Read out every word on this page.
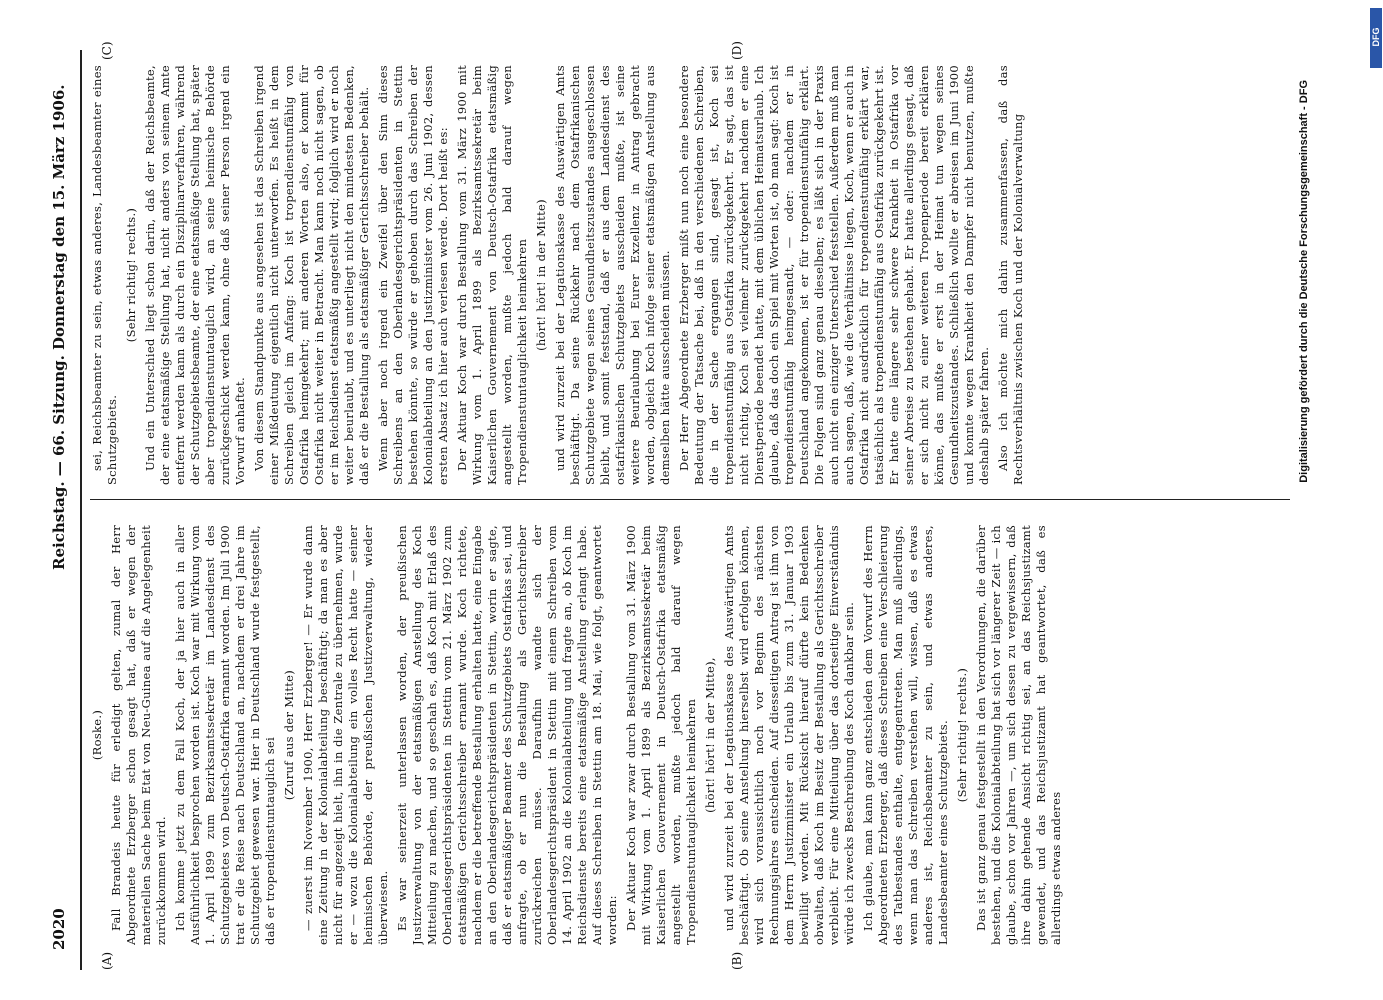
2020
Reichstag. — 66. Sitzung. Donnerstag den 15. März 1906.
(A)	(B)
(C)	(D)

(Roske.) Fall Brandeis heute für erledigt gelten, zumal der Herr Abgeordnete Erzberger schon gesagt hat, daß er wegen der materiellen Sache beim Etat von Neu-Guinea auf die Angelegenheit zurückkommen wird. Ich komme jetzt zu dem Fall Koch, der ja hier auch in aller Ausführlichkeit besprochen worden ist. Koch war mit Wirkung vom 1. April 1899 zum Bezirksamtssekretär im Landesdienst des Schutzgebietes von Deutsch-Ostafrika ernannt worden. Im Juli 1900 trat er die Reise nach Deutschland an, nachdem er drei Jahre im Schutzgebiet gewesen war. Hier in Deutschland wurde festgestellt, daß er tropendienstuntauglich sei

(Zuruf aus der Mitte) — zuerst im November 1900, Herr Erzberger! — Er wurde dann eine Zeitung in der Kolonialabteilung beschäftigt; da man es aber nicht für angezeigt hielt, ihn in die Zentrale zu übernehmen, wurde er — wozu die Kolonialabteilung ein volles Recht hatte — seiner heimischen Behörde, der preußischen Justizverwaltung, wieder überwiesen. Es war seinerzeit unterlassen worden, der preußischen Justizverwaltung von der etatsmäßigen Anstellung des Koch Mitteilung zu machen, und so geschah es, daß Koch mit Erlaß des Oberlandesgerichtspräsidenten in Stettin vom 21. März 1902 zum etatsmäßigen Gerichtsschreiber ernannt wurde. Koch richtete, nachdem er die betreffende Bestallung erhalten hatte, eine Eingabe an den Oberlandesgerichtspräsidenten in Stettin, worin er sagte, daß er etatsmäßiger Beamter des Schutzgebiets Ostafrikas sei, und anfragte, ob er nun die Bestallung als Gerichtsschreiber zurückreichen müsse. Daraufhin wandte sich der Oberlandesgerichtspräsident in Stettin mit einem Schreiben vom 14. April 1902 an die Kolonialabteilung und fragte an, ob Koch im Reichsdienste bereits eine etatsmäßige Anstellung erlangt habe. Auf dieses Schreiben in Stettin am 18. Mai, wie folgt, geantwortet worden: Der Aktuar Koch war zwar durch Bestallung vom 31. März 1900 mit Wirkung vom 1. April 1899 als Bezirksamtssekretär beim Kaiserlichen Gouvernement in Deutsch-Ostafrika etatsmäßig angestellt worden, mußte jedoch bald darauf wegen Tropendienstuntauglichkeit heimkehren (hört! hört! in der Mitte), und wird zurzeit bei der Legationskasse des Auswärtigen Amts beschäftigt. Ob seine Anstellung hierselbst wird erfolgen können, wird sich voraussichtlich noch vor Beginn des nächsten Rechnungsjahres entscheiden. Auf diesseitigen Antrag ist ihm von dem Herrn Justizminister ein Urlaub bis zum 31. Januar 1903 bewilligt worden. Mit Rücksicht hierauf dürfte kein Bedenken obwalten, daß Koch im Besitz der Bestallung als Gerichtsschreiber verbleibt. Für eine Mitteilung über das dortseitige Einverständnis würde ich zwecks Beschreibung des Koch dankbar sein. Ich glaube, man kann ganz entschieden dem Vorwurf des Herrn Abgeordneten Erzberger, daß dieses Schreiben eine Verschleierung des Tatbestandes enthalte, entgegentreten. Man muß allerdings, wenn man das Schreiben verstehen will, wissen, daß es etwas anderes ist, Reichsbeamter zu sein, und etwas anderes, Landesbeamter eines Schutzgebiets. (Sehr richtig! rechts.) Das ist ganz genau festgestellt in den Verordnungen, die darüber bestehen, und die Kolonialabteilung hat sich vor längerer Zeit — ich glaube, schon vor Jahren —, um sich dessen zu vergewissern, daß ihre dahin gehende Ansicht richtig sei, an das Reichsjustizamt gewendet, und das Reichsjustizamt hat geantwortet, daß es allerdings etwas anderes

sei, Reichsbeamter zu sein, etwas anderes, Landesbeamter eines Schutzgebiets.

(Sehr richtig! rechts.) Und ein Unterschied liegt schon darin, daß der Reichsbeamte, der eine etatsmäßige Stellung hat, nicht anders von seinem Amte entfernt werden kann als durch ein Disziplinarverfahren, während der Schutzgebietsbeamte, der eine etatsmäßige Stellung hat, später aber tropendienstuntauglich wird, an seine heimische Behörde zurückgeschickt werden kann, ohne daß seiner Person irgend ein Vorwurf anhaftet. Von diesem Standpunkte aus angesehen ist das Schreiben irgend einer Mißdeutung eigentlich nicht unterworfen. Es heißt in dem Schreiben gleich im Anfang: Koch ist tropendienstunfähig von Ostafrika heimgekehrt; mit anderen Worten also, er kommt für Ostafrika nicht weiter in Betracht. Man kann noch nicht sagen, ob er im Reichsdienst etatsmäßig angestellt wird; folglich wird er noch weiter beurlaubt, und es unterliegt nicht den mindesten Bedenken, daß er die Bestallung als etatsmäßiger Gerichtsschreiber behält. Wenn aber noch irgend ein Zweifel über den Sinn dieses Schreibens an den Oberlandesgerichtspräsidenten in Stettin bestehen könnte, so würde er gehoben durch das Schreiben der Kolonialabteilung an den Justizminister vom 26. Juni 1902, dessen ersten Absatz ich hier auch verlesen werde. Dort heißt es: Der Aktuar Koch war durch Bestallung vom 31. März 1900 mit Wirkung vom 1. April 1899 als Bezirksamtssekretär beim Kaiserlichen Gouvernement von Deutsch-Ostafrika etatsmäßig angestellt worden, mußte jedoch bald darauf wegen Tropendienstuntauglichkeit heimkehren (hört! hört! in der Mitte) und wird zurzeit bei der Legationskasse des Auswärtigen Amts beschäftigt. Da seine Rückkehr nach dem Ostafrikanischen Schutzgebiete wegen seines Gesundheitszustandes ausgeschlossen bleibt, und somit feststand, daß er aus dem Landesdienst des ostafrikanischen Schutzgebiets ausscheiden mußte, ist seine weitere Beurlaubung bei Eurer Exzellenz in Antrag gebracht worden, obgleich Koch infolge seiner etatsmäßigen Anstellung aus demselben hätte ausscheiden müssen. Der Herr Abgeordnete Erzberger mißt nun noch eine besondere Bedeutung der Tatsache bei, daß in den verschiedenen Schreiben, die in der Sache ergangen sind, gesagt ist, Koch sei tropendienstunfähig aus Ostafrika zurückgekehrt. Er sagt, das ist nicht richtig, Koch sei vielmehr zurückgekehrt nachdem er eine Dienstperiode beendet hatte, mit dem üblichen Heimatsurlaub. Ich glaube, daß das doch ein Spiel mit Worten ist, ob man sagt: Koch ist tropendienstunfähig heimgesandt, — oder: nachdem er in Deutschland angekommen, ist er für tropendienstunfähig erklärt. Die Folgen sind ganz genau dieselben; es läßt sich in der Praxis auch nicht ein einziger Unterschied feststellen. Außerdem muß man auch sagen, daß, wie die Verhältnisse liegen, Koch, wenn er auch in Ostafrika nicht ausdrücklich für tropendienstunfähig erklärt war, tatsächlich als tropendienstunfähig aus Ostafrika zurückgekehrt ist. Er hatte eine längere sehr schwere Krankheit in Ostafrika vor seiner Abreise zu bestehen gehabt. Er hatte allerdings gesagt, daß er sich nicht zu einer weiteren Tropenperiode bereit erklären könne, das mußte er erst in der Heimat tun wegen seines Gesundheitszustandes. Schließlich wollte er abreisen im Juni 1900 und konnte wegen Krankheit den Dampfer nicht benutzen, mußte deshalb später fahren. Also ich möchte mich dahin zusammenfassen, daß das Rechtsverhältnis zwischen Koch und der Kolonialverwaltung	Digitalisierung gefördert durch die Deutsche Forschungsgemeinschaft - DFG
DFG
